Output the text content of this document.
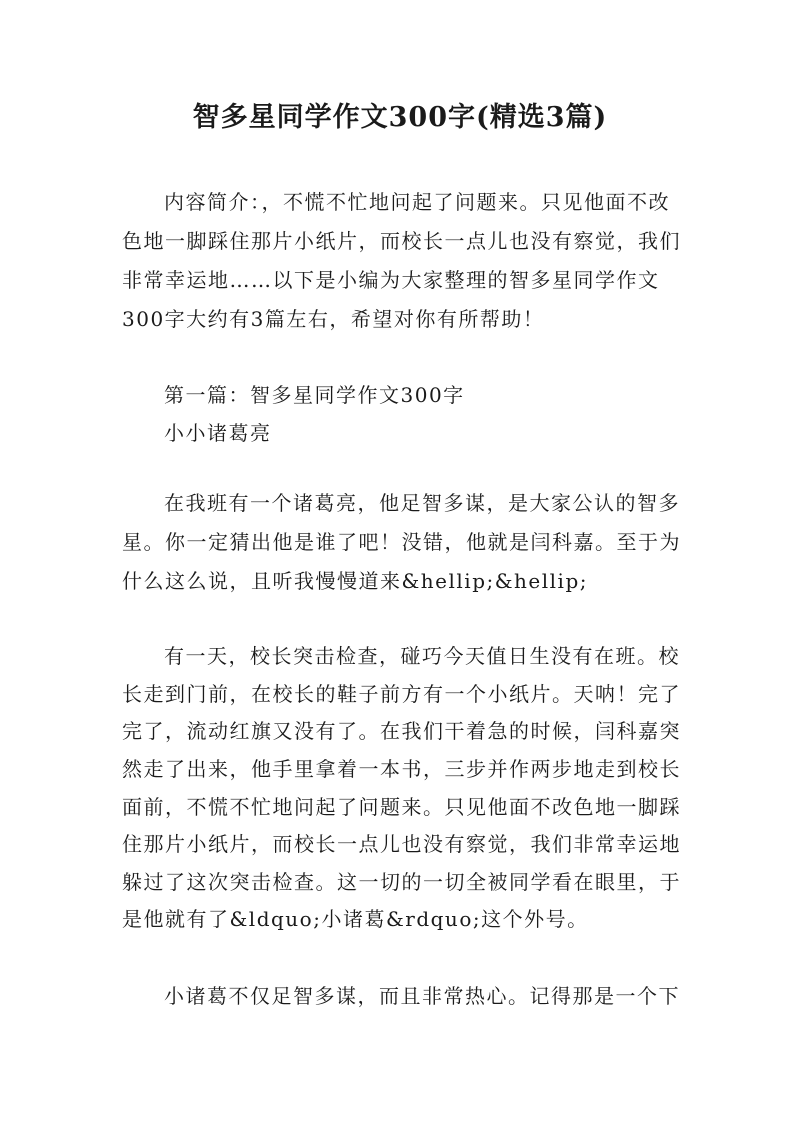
智多星同学作文300字(精选3篇)
内容简介：，不慌不忙地问起了问题来。只见他面不改
色地一脚踩住那片小纸片，而校长一点儿也没有察觉，我们
非常幸运地……以下是小编为大家整理的智多星同学作文
300字大约有3篇左右，希望对你有所帮助！
第一篇：智多星同学作文300字
小小诸葛亮
在我班有一个诸葛亮，他足智多谋，是大家公认的智多
星。你一定猜出他是谁了吧！没错，他就是闫科嘉。至于为
什么这么说，且听我慢慢道来&hellip;&hellip;
有一天，校长突击检查，碰巧今天值日生没有在班。校
长走到门前，在校长的鞋子前方有一个小纸片。天呐！完了
完了，流动红旗又没有了。在我们干着急的时候，闫科嘉突
然走了出来，他手里拿着一本书，三步并作两步地走到校长
面前，不慌不忙地问起了问题来。只见他面不改色地一脚踩
住那片小纸片，而校长一点儿也没有察觉，我们非常幸运地
躲过了这次突击检查。这一切的一切全被同学看在眼里，于
是他就有了&ldquo;小诸葛&rdquo;这个外号。
小诸葛不仅足智多谋，而且非常热心。记得那是一个下
